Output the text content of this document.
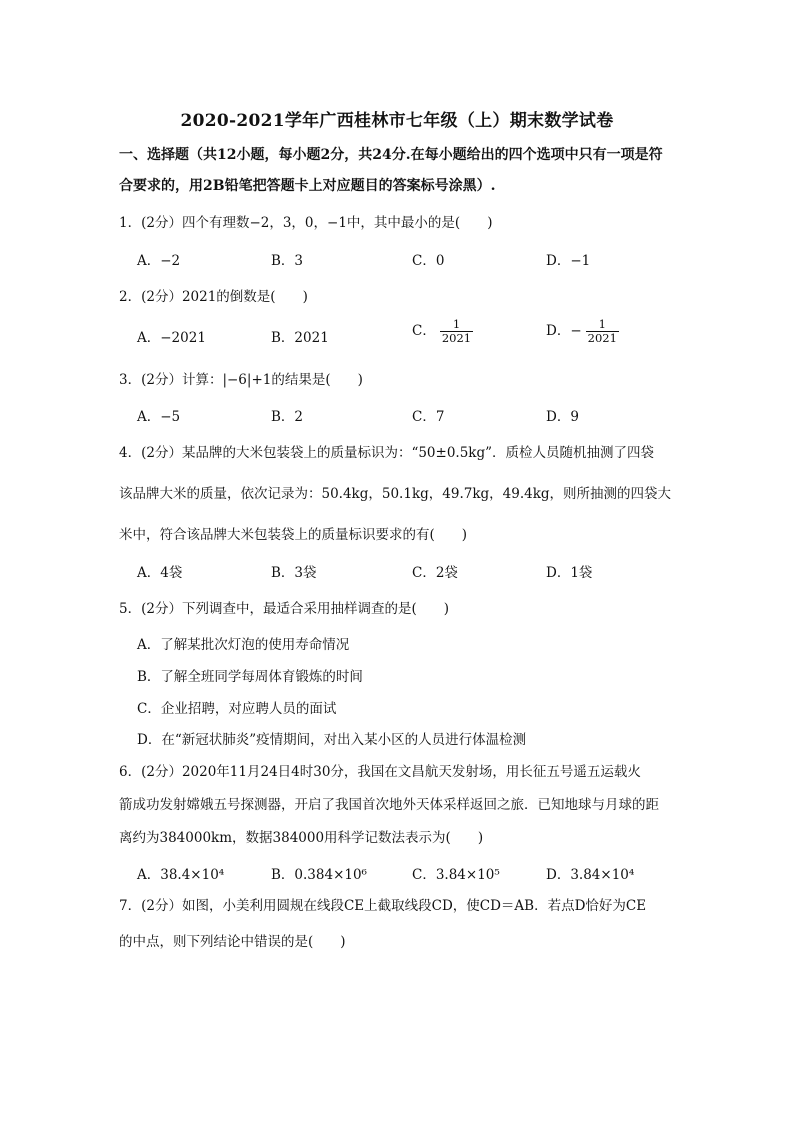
2020-2021学年广西桂林市七年级（上）期末数学试卷
一、选择题（共12小题，每小题2分，共24分.在每小题给出的四个选项中只有一项是符
合要求的，用2B铅笔把答题卡上对应题目的答案标号涂黑）.
1．(2分）四个有理数−2，3，0，−1中，其中最小的是(　　)
A．−2	B．3	C．0	D．−1
2．(2分）2021的倒数是(　　)
A．−2021	B．2021	C． $\frac{1}{2021}$	D．− $\frac{1}{2021}$
3．(2分）计算：|−6|+1的结果是(　　)
A．−5	B．2	C．7	D．9
4．(2分）某品牌的大米包装袋上的质量标识为：“50±0.5kg”．质检人员随机抽测了四袋
该品牌大米的质量，依次记录为：50.4kg，50.1kg，49.7kg，49.4kg，则所抽测的四袋大
米中，符合该品牌大米包装袋上的质量标识要求的有(　　)
A．4袋	B．3袋	C．2袋	D．1袋
5．(2分）下列调查中，最适合采用抽样调查的是(　　)
A．了解某批次灯泡的使用寿命情况
B．了解全班同学每周体育锻炼的时间
C．企业招聘，对应聘人员的面试
D．在“新冠状肺炎”疫情期间，对出入某小区的人员进行体温检测
6．(2分）2020年11月24日4时30分，我国在文昌航天发射场，用长征五号遥五运载火
箭成功发射嫦娥五号探测器，开启了我国首次地外天体采样返回之旅．已知地球与月球的距
离约为384000km，数据384000用科学记数法表示为(　　)
A．38.4×10⁴	B．0.384×10⁶	C．3.84×10⁵	D．3.84×10⁴
7．(2分）如图，小美利用圆规在线段CE上截取线段CD，使CD＝AB．若点D恰好为CE
的中点，则下列结论中错误的是(　　)
